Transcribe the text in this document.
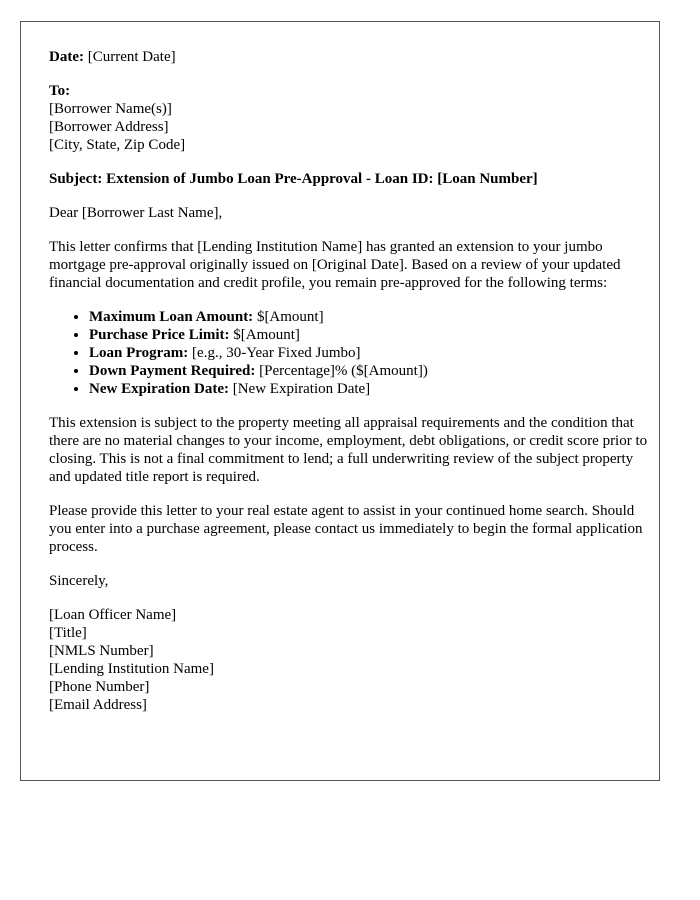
Date: [Current Date]

To:
[Borrower Name(s)]
[Borrower Address]
[City, State, Zip Code]

Subject: Extension of Jumbo Loan Pre-Approval - Loan ID: [Loan Number]

Dear [Borrower Last Name],

This letter confirms that [Lending Institution Name] has granted an extension to your jumbo mortgage pre-approval originally issued on [Original Date]. Based on a review of your updated financial documentation and credit profile, you remain pre-approved for the following terms:

• Maximum Loan Amount: $[Amount]
• Purchase Price Limit: $[Amount]
• Loan Program: [e.g., 30-Year Fixed Jumbo]
• Down Payment Required: [Percentage]% ($[Amount])
• New Expiration Date: [New Expiration Date]

This extension is subject to the property meeting all appraisal requirements and the condition that there are no material changes to your income, employment, debt obligations, or credit score prior to closing. This is not a final commitment to lend; a full underwriting review of the subject property and updated title report is required.

Please provide this letter to your real estate agent to assist in your continued home search. Should you enter into a purchase agreement, please contact us immediately to begin the formal application process.

Sincerely,

[Loan Officer Name]
[Title]
[NMLS Number]
[Lending Institution Name]
[Phone Number]
[Email Address]
